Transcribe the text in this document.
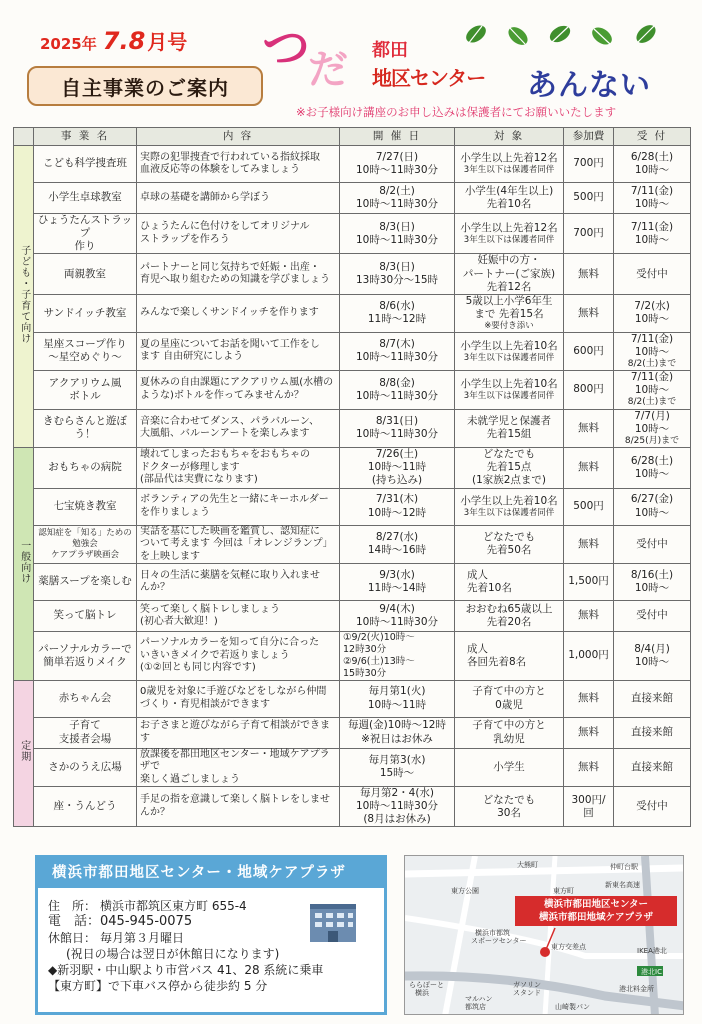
2025年 7.8 月号
自主事業のご案内
つ
だ 都田
地区センター あんない
※お子様向け講座のお申し込みは保護者にてお願いいたします
	事 業 名	内 容	開 催 日	対 象	参加費	受 付
子ども・子育て向け	こども科学捜査班	実際の犯罪捜査で行われている指紋採取
血液反応等の体験をしてみましょう	7/27(日)
10時～11時30分	小学生以上先着12名
3年生以下は保護者同伴	700円	6/28(土)
10時～

	小学生卓球教室	卓球の基礎を講師から学ぼう	8/2(土)
10時～11時30分	小学生(4年生以上)
先着10名	500円	7/11(金)
10時～

	ひょうたんストラップ
作り	ひょうたんに色付けをしてオリジナル
ストラップを作ろう	8/3(日)
10時～11時30分	小学生以上先着12名
3年生以下は保護者同伴	700円	7/11(金)
10時～

	両親教室	パートナーと同じ気持ちで妊娠・出産・
育児へ取り組むための知識を学びましょう	8/3(日)
13時30分～15時	妊娠中の方・
パートナー(ご家族)
先着12名	無料	受付中

	サンドイッチ教室	みんなで楽しくサンドイッチを作ります	8/6(水)
11時～12時	5歳以上小学6年生
まで 先着15名
※要付き添い	無料	7/2(水)
10時～

	星座スコープ作り
～星空めぐり～	夏の星座についてお話を聞いて工作をし
ます 自由研究にしよう	8/7(木)
10時～11時30分	小学生以上先着10名
3年生以下は保護者同伴	600円	7/11(金)
10時～
8/2(土)まで

	アクアリウム風
ボトル	夏休みの自由課題にアクアリウム風(水槽の
ような)ボトルを作ってみませんか？	8/8(金)
10時～11時30分	小学生以上先着10名
3年生以下は保護者同伴	800円	7/11(金)
10時～
8/2(土)まで

	きむらさんと遊ぼう！	音楽に合わせてダンス、パラバルーン、
大風船、バルーンアートを楽しみます	8/31(日)
10時～11時30分	未就学児と保護者
先着15組	無料	7/7(月)
10時～
8/25(月)まで

一般向け	おもちゃの病院	壊れてしまったおもちゃをおもちゃの
ドクターが修理します
(部品代は実費になります)	7/26(土)
10時～11時
(持ち込み)	どなたでも
先着15点
(1家族2点まで)	無料	6/28(土)
10時～

	七宝焼き教室	ボランティアの先生と一緒にキーホルダー
を作りましょう	7/31(木)
10時～12時	小学生以上先着10名
3年生以下は保護者同伴	500円	6/27(金)
10時～

	認知症を「知る」ための
勉強会
ケアプラザ映画会	実話を基にした映画を鑑賞し、認知症に
ついて考えます 今回は「オレンジランプ」
を上映します	8/27(水)
14時～16時	どなたでも
先着50名	無料	受付中

	薬膳スープを楽しむ	日々の生活に薬膳を気軽に取り入れませ
んか？	9/3(水)
11時～14時	成人
先着10名	1,500円	8/16(土)
10時～

	笑って脳トレ	笑って楽しく脳トレしましょう
(初心者大歓迎！)	9/4(木)
10時～11時30分	おおむね65歳以上
先着20名	無料	受付中

	パーソナルカラーで
簡単若返りメイク	パーソナルカラーを知って自分に合った
いきいきメイクで若返りましょう
(①②回とも同じ内容です)	①9/2(火)10時～
12時30分
②9/6(土)13時～
15時30分	成人
各回先着8名	1,000円	8/4(月)
10時～

定期	赤ちゃん会	0歳児を対象に手遊びなどをしながら仲間
づくり・育児相談ができます	毎月第1(火)
10時～11時	子育て中の方と
0歳児	無料	直接来館

	子育て
支援者会場	お子さまと遊びながら子育て相談ができま
す	毎週(金)10時～12時
※祝日はお休み	子育て中の方と
乳幼児	無料	直接来館

	さかのうえ広場	放課後を都田地区センター・地域ケアプラザで
楽しく過ごしましょう	毎月第3(水)
15時～	小学生	無料	直接来館

	座・うんどう	手足の指を意識して楽しく脳トレをしませ
んか？	毎月第2・4(水)
10時～11時30分
(8月はお休み)	どなたでも
30名	300円/回	受付中
横浜市都田地区センター・地域ケアプラザ
住　所： 横浜市都筑区東方町 655-4
電　話：045-945-0075
休館日： 毎月第３月曜日
(祝日の場合は翌日が休館日になります)
◆新羽駅・中山駅より市営バス 41、28 系統に乗車
【東方町】で下車バス停から徒歩約 5 分
横浜市都田地区センター
横浜市都田地域ケアプラザ
仲町台駅
大熊町
東方公園
新東名高速
東方町
横浜市都筑
スポーツセンター
IKEA港北
ららぽーと
横浜
ガソリン
スタンド
マルハン
都筑店	山崎製パン
港北IC
港北料金所
東方交差点
